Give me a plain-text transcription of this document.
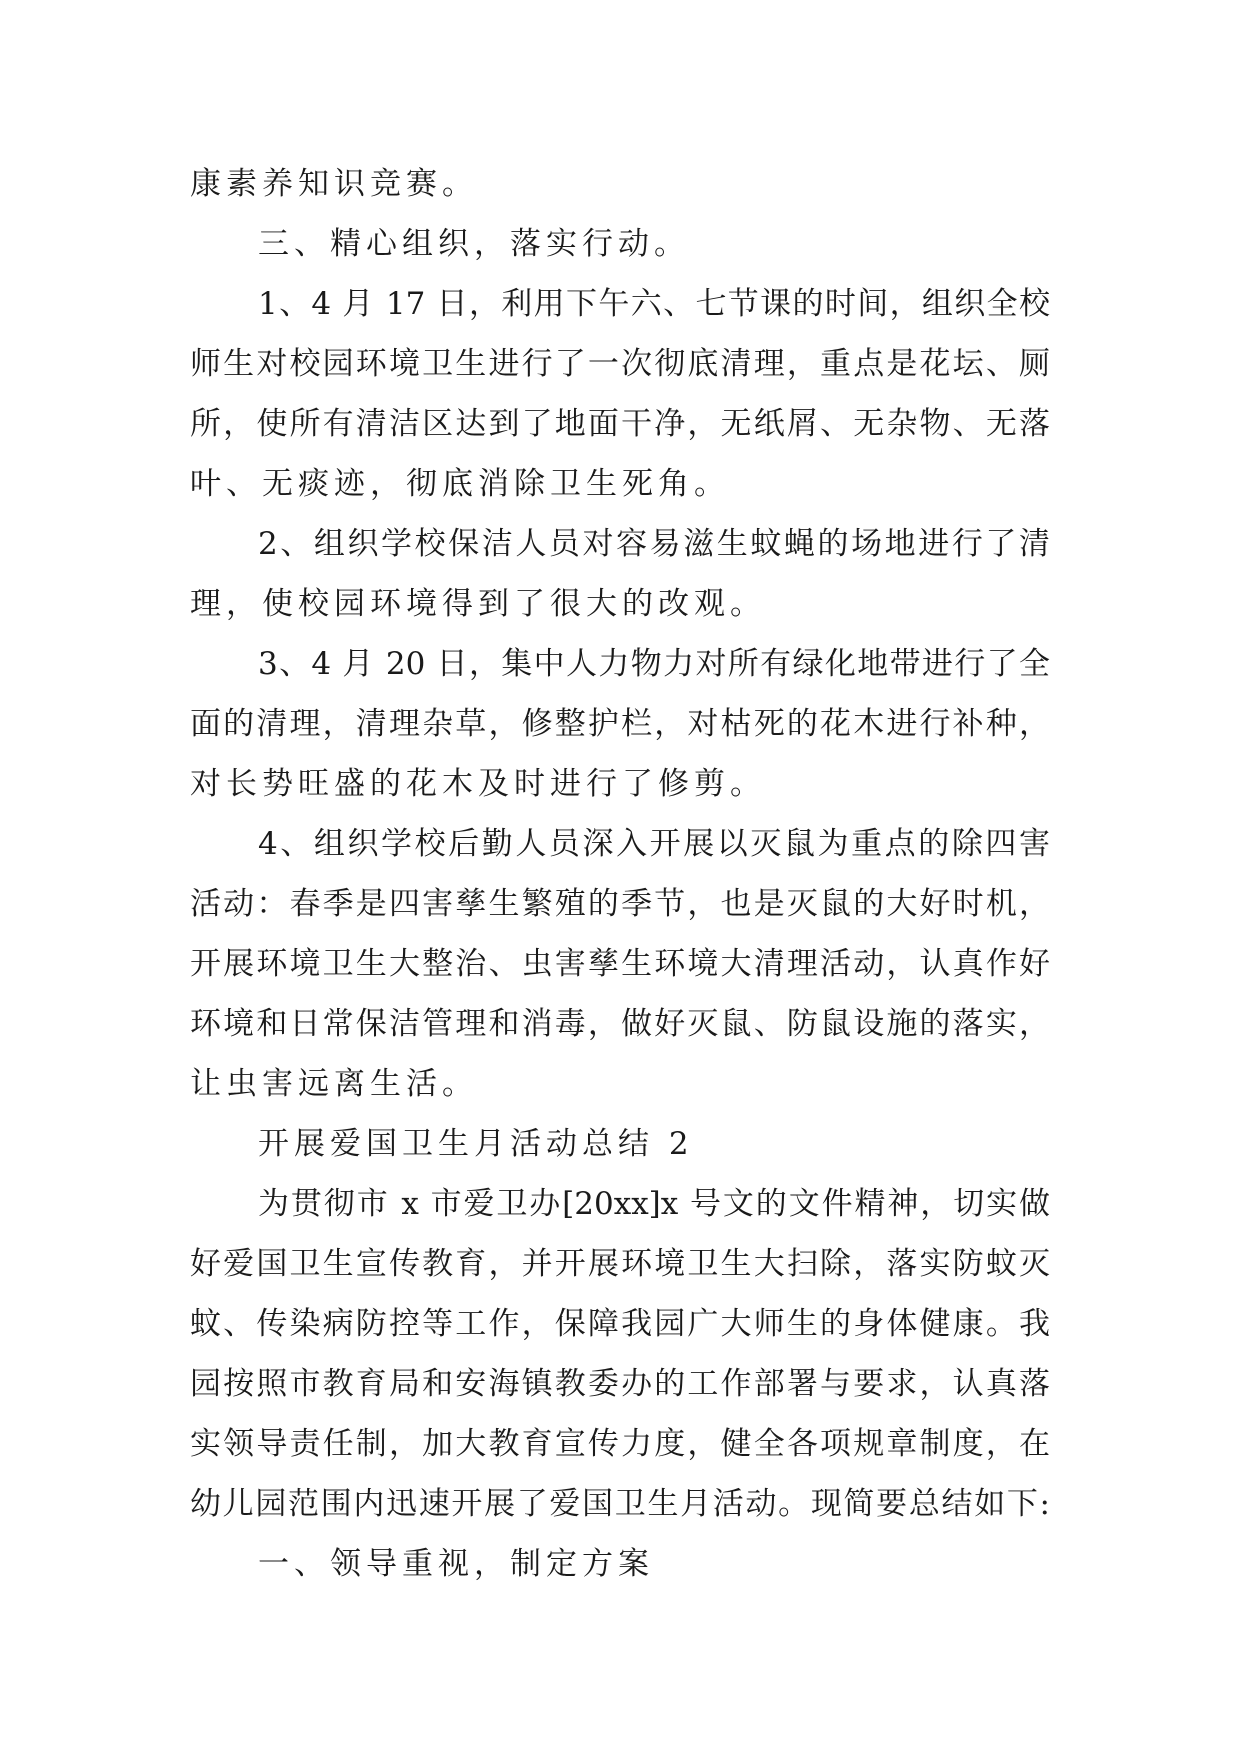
康素养知识竞赛。
三、精心组织，落实行动。
1、4 月 17 日，利用下午六、七节课的时间，组织全校
师生对校园环境卫生进行了一次彻底清理，重点是花坛、厕
所，使所有清洁区达到了地面干净，无纸屑、无杂物、无落
叶、无痰迹，彻底消除卫生死角。
2、组织学校保洁人员对容易滋生蚊蝇的场地进行了清
理，使校园环境得到了很大的改观。
3、4 月 20 日，集中人力物力对所有绿化地带进行了全
面的清理，清理杂草，修整护栏，对枯死的花木进行补种，
对长势旺盛的花木及时进行了修剪。
4、组织学校后勤人员深入开展以灭鼠为重点的除四害
活动：春季是四害孳生繁殖的季节，也是灭鼠的大好时机，
开展环境卫生大整治、虫害孳生环境大清理活动，认真作好
环境和日常保洁管理和消毒，做好灭鼠、防鼠设施的落实，
让虫害远离生活。
开展爱国卫生月活动总结 2
为贯彻市 x 市爱卫办[20xx]x 号文的文件精神，切实做
好爱国卫生宣传教育，并开展环境卫生大扫除，落实防蚊灭
蚊、传染病防控等工作，保障我园广大师生的身体健康。我
园按照市教育局和安海镇教委办的工作部署与要求，认真落
实领导责任制，加大教育宣传力度，健全各项规章制度，在
幼儿园范围内迅速开展了爱国卫生月活动。现简要总结如下:
一、领导重视，制定方案
